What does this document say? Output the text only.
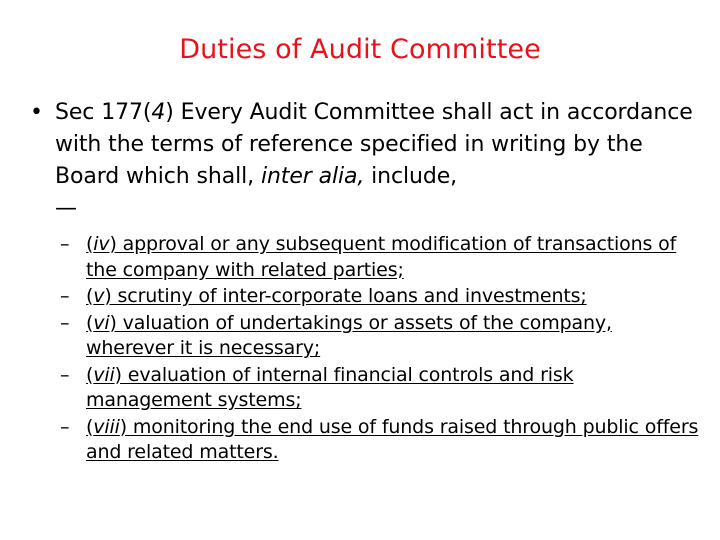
Duties of Audit Committee
• Sec 177(4) Every Audit Committee shall act in accordance with the terms of reference specified in writing by the Board which shall, inter alia, include,
—
– (iv) approval or any subsequent modification of transactions of the company with related parties;
– (v) scrutiny of inter-corporate loans and investments;
– (vi) valuation of undertakings or assets of the company, wherever it is necessary;
– (vii) evaluation of internal financial controls and risk management systems;
– (viii) monitoring the end use of funds raised through public offers and related matters.
